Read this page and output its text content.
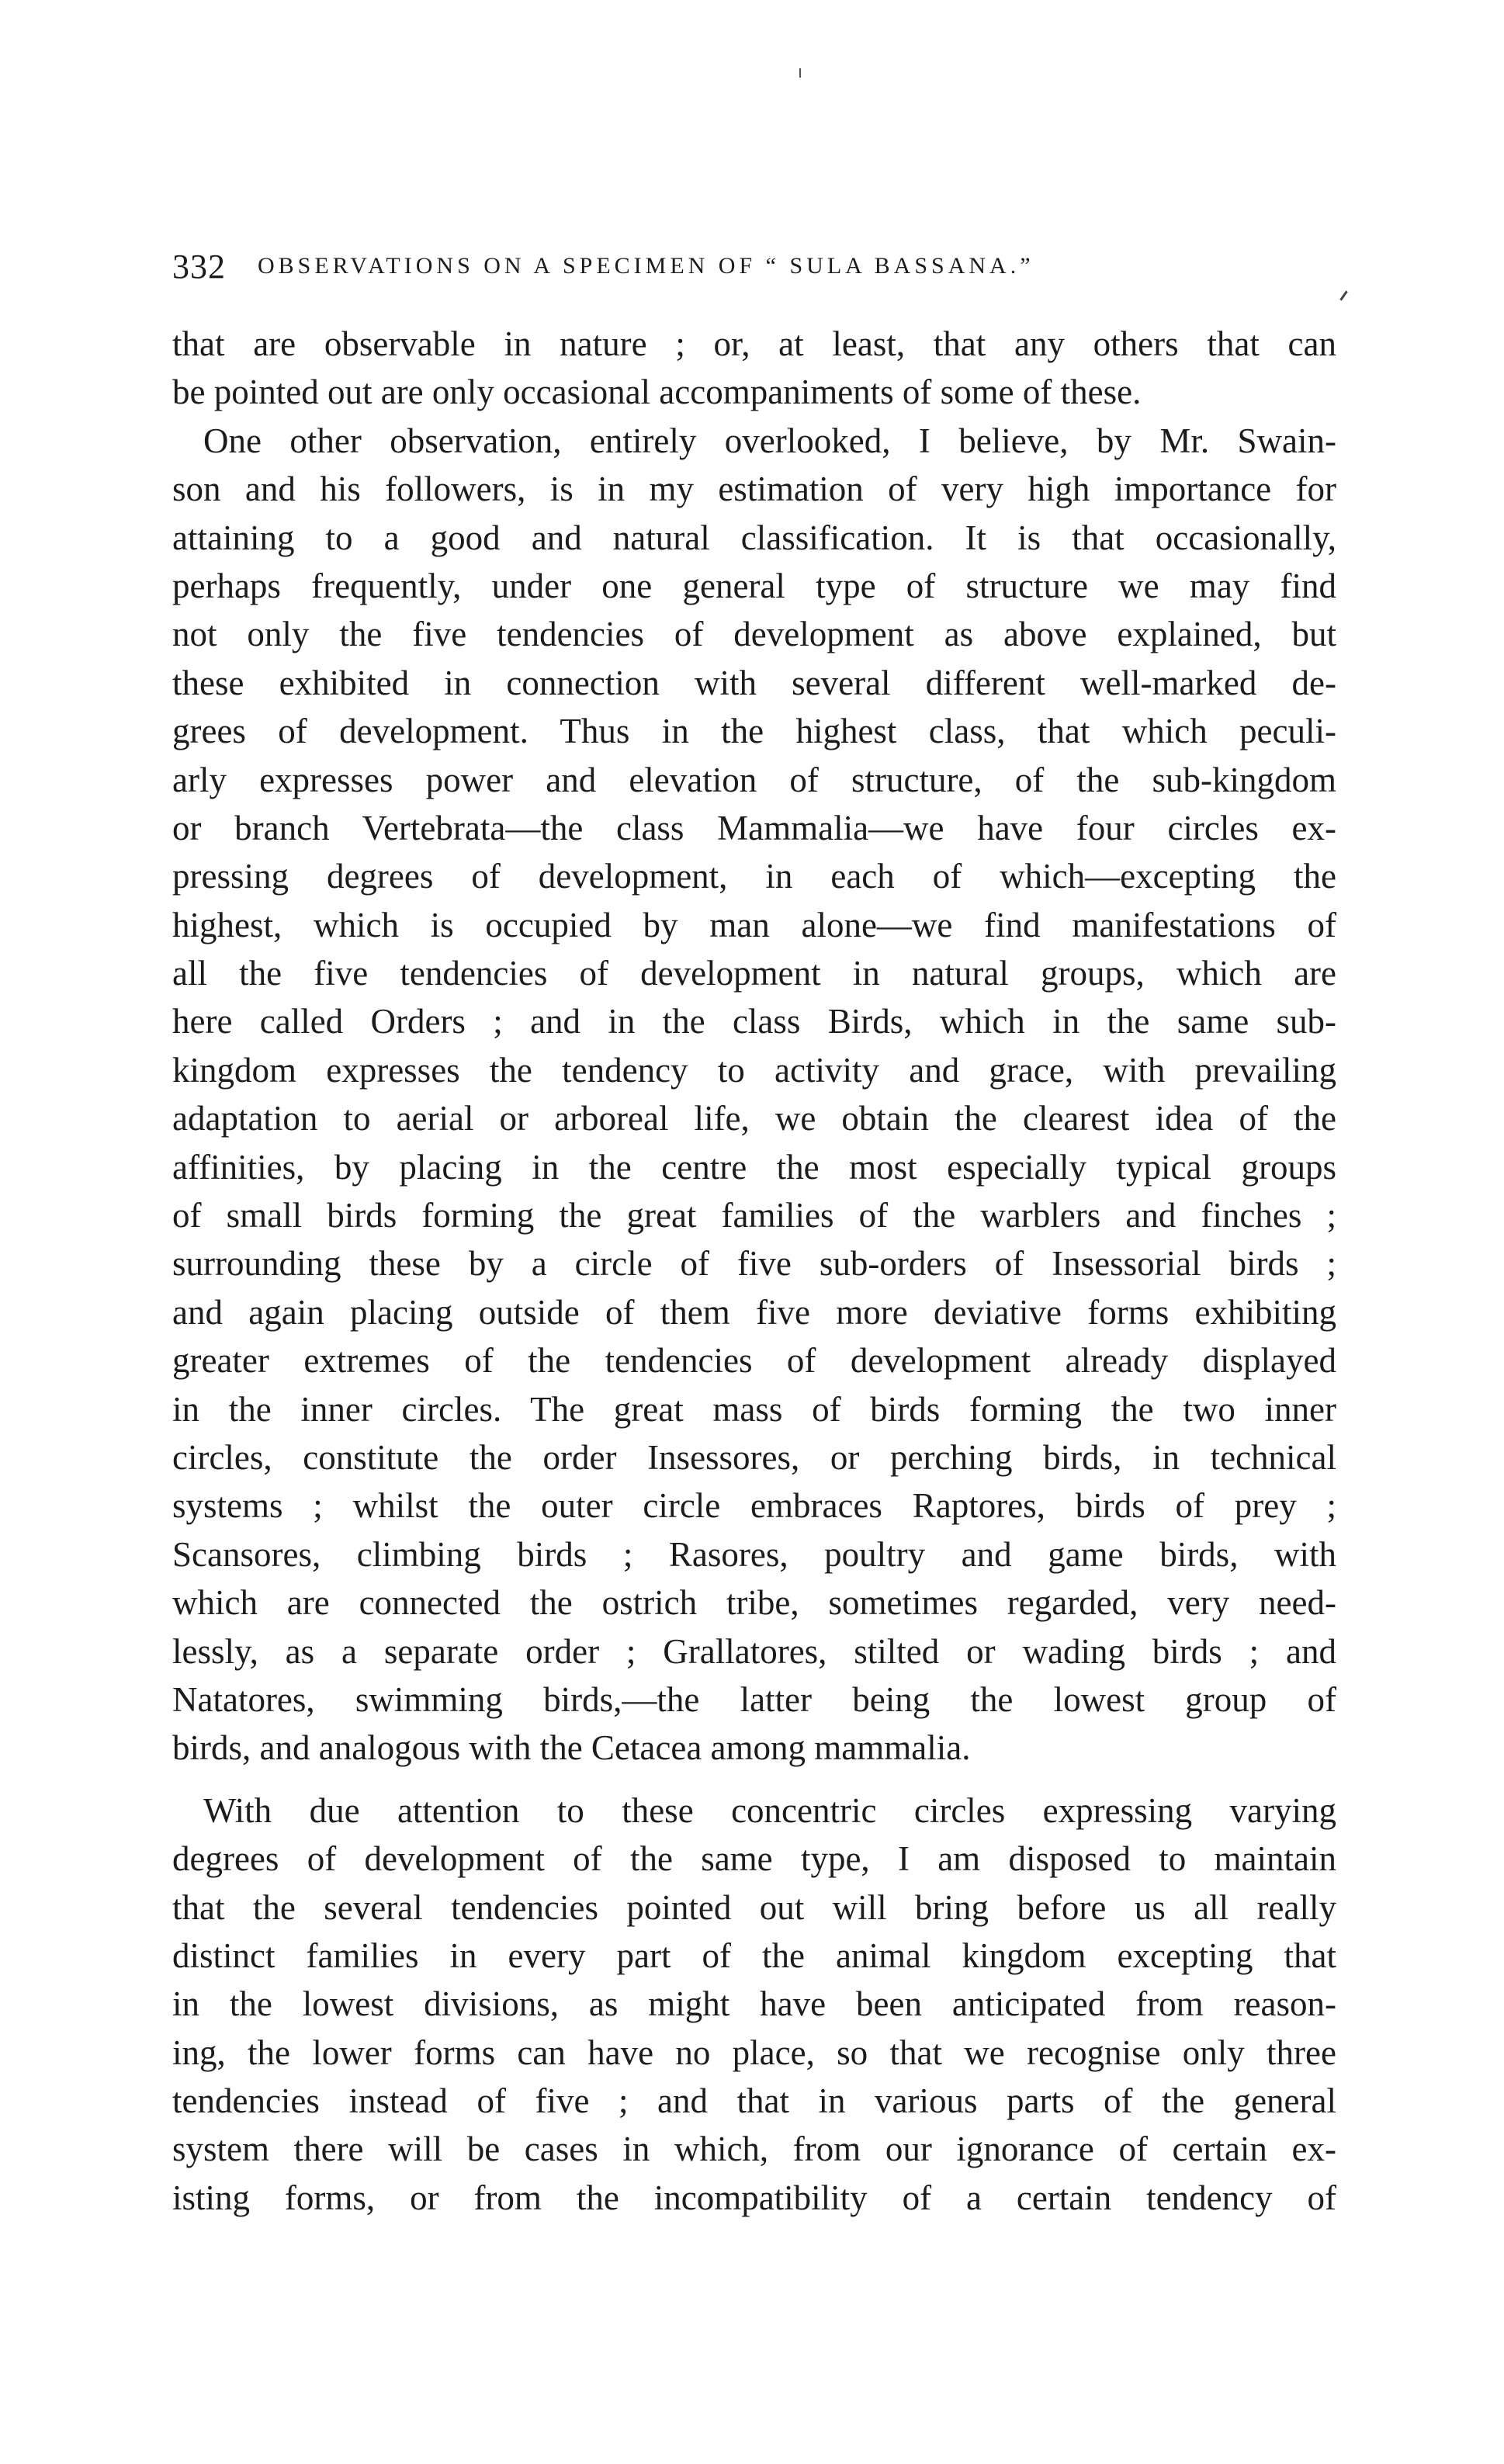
332 OBSERVATIONS ON A SPECIMEN OF “ SULA BASSANA.”
that are observable in nature ; or, at least, that any others that can
be pointed out are only occasional accompaniments of some of these.
One other observation, entirely overlooked, I believe, by Mr. Swain-
son and his followers, is in my estimation of very high importance for
attaining to a good and natural classification. It is that occasionally,
perhaps frequently, under one general type of structure we may find
not only the five tendencies of development as above explained, but
these exhibited in connection with several different well-marked de-
grees of development. Thus in the highest class, that which peculi-
arly expresses power and elevation of structure, of the sub-kingdom
or branch Vertebrata—the class Mammalia—we have four circles ex-
pressing degrees of development, in each of which—excepting the
highest, which is occupied by man alone—we find manifestations of
all the five tendencies of development in natural groups, which are
here called Orders ; and in the class Birds, which in the same sub-
kingdom expresses the tendency to activity and grace, with prevailing
adaptation to aerial or arboreal life, we obtain the clearest idea of the
affinities, by placing in the centre the most especially typical groups
of small birds forming the great families of the warblers and finches ;
surrounding these by a circle of five sub-orders of Insessorial birds ;
and again placing outside of them five more deviative forms exhibiting
greater extremes of the tendencies of development already displayed
in the inner circles. The great mass of birds forming the two inner
circles, constitute the order Insessores, or perching birds, in technical
systems ; whilst the outer circle embraces Raptores, birds of prey ;
Scansores, climbing birds ; Rasores, poultry and game birds, with
which are connected the ostrich tribe, sometimes regarded, very need-
lessly, as a separate order ; Grallatores, stilted or wading birds ; and
Natatores, swimming birds,—the latter being the lowest group of
birds, and analogous with the Cetacea among mammalia.
With due attention to these concentric circles expressing varying
degrees of development of the same type, I am disposed to maintain
that the several tendencies pointed out will bring before us all really
distinct families in every part of the animal kingdom excepting that
in the lowest divisions, as might have been anticipated from reason-
ing, the lower forms can have no place, so that we recognise only three
tendencies instead of five ; and that in various parts of the general
system there will be cases in which, from our ignorance of certain ex-
isting forms, or from the incompatibility of a certain tendency of
